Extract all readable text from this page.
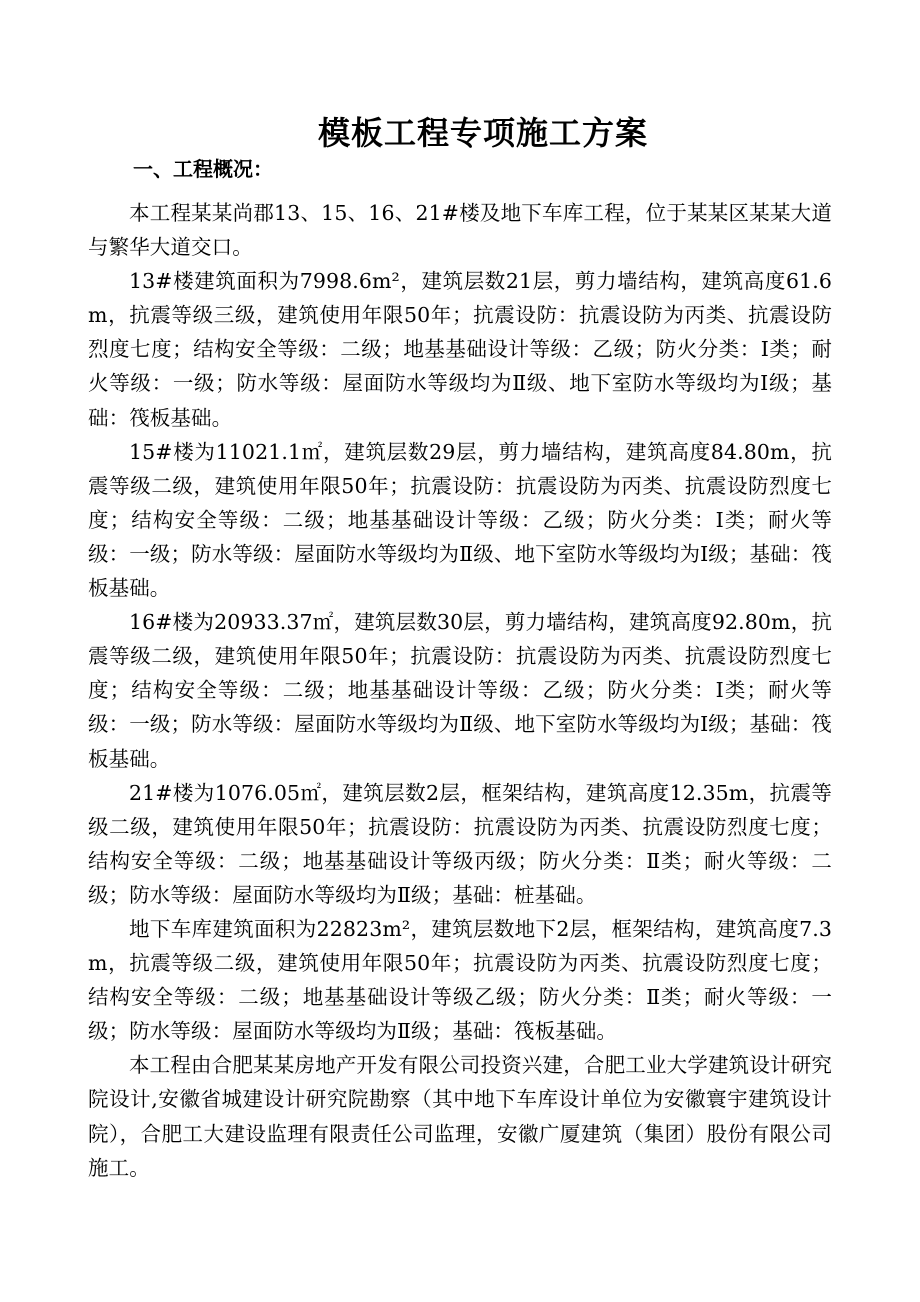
模板工程专项施工方案
一、工程概况：

本工程某某尚郡13、15、16、21#楼及地下车库工程，位于某某区某某大道与繁华大道交口。

13#楼建筑面积为7998.6m²，建筑层数21层，剪力墙结构，建筑高度61.6m，抗震等级三级，建筑使用年限50年；抗震设防：抗震设防为丙类、抗震设防烈度七度；结构安全等级：二级；地基基础设计等级：乙级；防火分类：Ⅰ类；耐火等级：一级；防水等级：屋面防水等级均为Ⅱ级、地下室防水等级均为Ⅰ级；基础：筏板基础。

15#楼为11021.1㎡，建筑层数29层，剪力墙结构，建筑高度84.80m，抗震等级二级，建筑使用年限50年；抗震设防：抗震设防为丙类、抗震设防烈度七度；结构安全等级：二级；地基基础设计等级：乙级；防火分类：Ⅰ类；耐火等级：一级；防水等级：屋面防水等级均为Ⅱ级、地下室防水等级均为Ⅰ级；基础：筏板基础。

16#楼为20933.37㎡，建筑层数30层，剪力墙结构，建筑高度92.80m，抗震等级二级，建筑使用年限50年；抗震设防：抗震设防为丙类、抗震设防烈度七度；结构安全等级：二级；地基基础设计等级：乙级；防火分类：Ⅰ类；耐火等级：一级；防水等级：屋面防水等级均为Ⅱ级、地下室防水等级均为Ⅰ级；基础：筏板基础。

21#楼为1076.05㎡，建筑层数2层，框架结构，建筑高度12.35m，抗震等级二级，建筑使用年限50年；抗震设防：抗震设防为丙类、抗震设防烈度七度；结构安全等级：二级；地基基础设计等级丙级；防火分类：Ⅱ类；耐火等级：二级；防水等级：屋面防水等级均为Ⅱ级；基础：桩基础。

地下车库建筑面积为22823m²，建筑层数地下2层，框架结构，建筑高度7.3m，抗震等级二级，建筑使用年限50年；抗震设防为丙类、抗震设防烈度七度；结构安全等级：二级；地基基础设计等级乙级；防火分类：Ⅱ类；耐火等级：一级；防水等级：屋面防水等级均为Ⅱ级；基础：筏板基础。

本工程由合肥某某房地产开发有限公司投资兴建，合肥工业大学建筑设计研究院设计,安徽省城建设计研究院勘察（其中地下车库设计单位为安徽寰宇建筑设计院），合肥工大建设监理有限责任公司监理，安徽广厦建筑（集团）股份有限公司施工。
